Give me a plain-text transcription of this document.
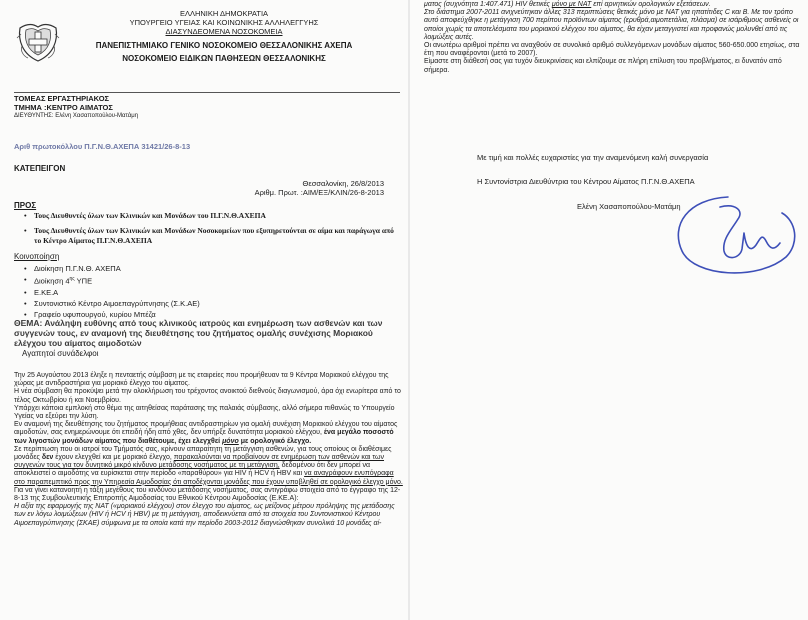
ΕΛΛΗΝΙΚΗ ΔΗΜΟΚΡΑΤΙΑ
ΥΠΟΥΡΓΕΙΟ ΥΓΕΙΑΣ ΚΑΙ ΚΟΙΝΩΝΙΚΗΣ ΑΛΛΗΛΕΓΓΥΗΣ
ΔΙΑΣΥΝΔΕΟΜΕΝΑ ΝΟΣΟΚΟΜΕΙΑ
ΠΑΝΕΠΙΣΤΗΜΙΑΚΟ ΓΕΝΙΚΟ ΝΟΣΟΚΟΜΕΙΟ ΘΕΣΣΑΛΟΝΙΚΗΣ ΑΧΕΠΑ
ΝΟΣΟΚΟΜΕΙΟ ΕΙΔΙΚΩΝ ΠΑΘΗΣΕΩΝ ΘΕΣΣΑΛΟΝΙΚΗΣ
ΤΟΜΕΑΣ ΕΡΓΑΣΤΗΡΙΑΚΟΣ
ΤΜΗΜΑ :ΚΕΝΤΡΟ ΑΙΜΑΤΟΣ
ΔΙΕΥΘΥΝΤΗΣ: Ελένη Χασαποπούλου-Ματάμη
Αριθ πρωτοκόλλου Π.Γ.Ν.Θ.ΑΧΕΠΑ 31421/26-8-13
ΚΑΤΕΠΕΙΓΟΝ
Θεσσαλονίκη, 26/8/2013
Αριθμ. Πρωτ. :ΑΙΜ/ΕΞ/ΚΛΙΝ/26-8-2013
ΠΡΟΣ
• Τους Διευθυντές όλων των Κλινικών και Μονάδων του Π.Γ.Ν.Θ.ΑΧΕΠΑ
• Τους Διευθυντές όλων των Κλινικών και Μονάδων Νοσοκομείων που εξυπηρετούνται σε αίμα και παράγωγα από το Κέντρο Αίματος Π.Γ.Ν.Θ.ΑΧΕΠΑ
Κοινοποίηση
• Διοίκηση Π.Γ.Ν.Θ. ΑΧΕΠΑ
• Διοίκηση $4^{\eta\varsigma}$ ΥΠΕ
• Ε.ΚΕ.Α
• Συντονιστικό Κέντρο Αιμοεπαγρύπνησης (Σ.Κ.ΑΕ)
• Γραφείο υφυπουργού, κυρίου Μπέζα
ΘΕΜΑ: Ανάληψη ευθύνης από τους κλινικούς ιατρούς και ενημέρωση των ασθενών και των συγγενών τους, εν αναμονή της διευθέτησης του ζητήματος ομαλής συνέχισης Μοριακού ελέγχου του αίματος αιμοδοτών
Αγαπητοί συνάδελφοι

Την 25 Αυγούστου 2013 έληξε η πενταετής σύμβαση με τις εταιρείες που προμήθευαν τα 9 Κέντρα Μοριακού ελέγχου της χώρας με αντιδραστήρια για μοριακό έλεγχο του αίματος.

Η νέα σύμβαση θα προκύψει μετά την ολοκλήρωση του τρέχοντος ανοικτού διεθνούς διαγωνισμού, άρα όχι ενωρίτερα από το τέλος Οκτωβρίου ή και Νοεμβρίου.

Υπάρχει κάποια εμπλοκή στο θέμα της αιτηθείσας παράτασης της παλαιάς σύμβασης, αλλό σήμερα πιθανώς το Υπουργείο Υγείας να εξεύρει την λύση.

Εν αναμονή της διευθέτησης του ζητήματος προμήθειας αντιδραστηρίων για ομαλή συνέχιση Μοριακού ελέγχου του αίματος αιμοδοτών, σας ενημερώνουμε ότι επειδή ήδη από χθες, δεν υπήρξε δυνατότητα μοριακού ελέγχου, ένα μεγάλο ποσοστό των λιγοστών μονάδων αίματος που διαθέτουμε, έχει ελεγχθεί μόνο με ορολογικό έλεγχο.

Σε περίπτωση που οι ιατροί του Τμήματός σας, κρίνουν απαραίτητη τη μετάγγιση ασθενών, για τους οποίους οι διαθέσιμες μονάδες δεν έχουν ελεγχθεί και με μοριακό έλεγχο, παρακαλούνται να προβαίνουν σε ενημέρωση των ασθενών και των συγγενών τους για τον δυνητικό μικρό κίνδυνο μετάδοσης νοσήματος με τη μετάγγιση, δεδομένου ότι δεν μπορεί να αποκλειστεί ο αιμοδότης να ευρίσκεται στην περίοδο «παραθύρου» για HIV ή HCV ή HBV και να αναγράφουν ενυπόγραφα στο παραπεμπτικό προς την Υπηρεσία Αιμοδοσίας ότι αποδέχονται μονάδες που έχουν υποβληθεί σε ορολογικό έλεγχο μόνο.

Για να γίνει κατανοητή η τάξη μεγέθους του κινδύνου μετάδοσης νοσήματος, σας αντιγράφω στοιχεία από το έγγραφο της 12-8-13 της Συμβουλευτικής Επιτροπής Αιμοδοσίας του Εθνικού Κέντρου Αιμοδοσίας (Ε.ΚΕ.Α):

Η αξία της εφαρμογής της NAT («μοριακού ελέγχου) στον έλεγχο του αίματος, ως μείζονος μέτρου πρόληψης της μετάδοσης των εν λόγω λοιμώξεων (HIV ή HCV ή HBV) με τη μετάγγιση, αποδεικνύεται από τα στοιχεία του Συντονιστικού Κέντρου Αιμοεπαγρύπνησης (ΣΚΑΕ) σύμφωνα με τα οποία κατά την περίοδο 2003-2012 διαγνώσθηκαν συνολικά 10 μονάδες αί-

ματος (συχνότητα 1:407.471) HIV θετικές μόνο με NAT επί αρνητικών ορολογικών εξετάσεων.

Στο διάστημα 2007-2011 ανιχνεύτηκαν άλλες 313 περιπτώσεις θετικές μόνο με NAT για ηπατίτιδες C και B. Με τον τρόπο αυτό αποφεύχθηκε η μετάγγιση 700 περίπου προϊόντων αίματος (ερυθρά,αιμοπετάλια, πλάσμα) σε ισάριθμους ασθενείς οι οποίοι χωρίς τα αποτελέσματα του μοριακού ελέγχου του αίματος, θα είχαν μεταγγιστεί και προφανώς μολυνθεί από τις λοιμώξεις αυτές.

Οι ανωτέρω αριθμοί πρέπει να αναχθούν σε συνολικό αριθμό συλλεγόμενων μονάδων αίματος 560-650.000 ετησίως, στα έτη που αναφέρονται (μετά το 2007).

Είμαστε στη διάθεσή σας για τυχόν διευκρινίσεις και ελπίζουμε σε πλήρη επίλυση του προβλήματος, ει δυνατόν από σήμερα.

Με τιμή και πολλές ευχαριστίες για την αναμενόμενη καλή συνεργασία
Η Συντονίστρια Διευθύντρια του Κέντρου Αίματος Π.Γ.Ν.Θ.ΑΧΕΠΑ
Ελένη Χασαποπούλου-Ματάμη
